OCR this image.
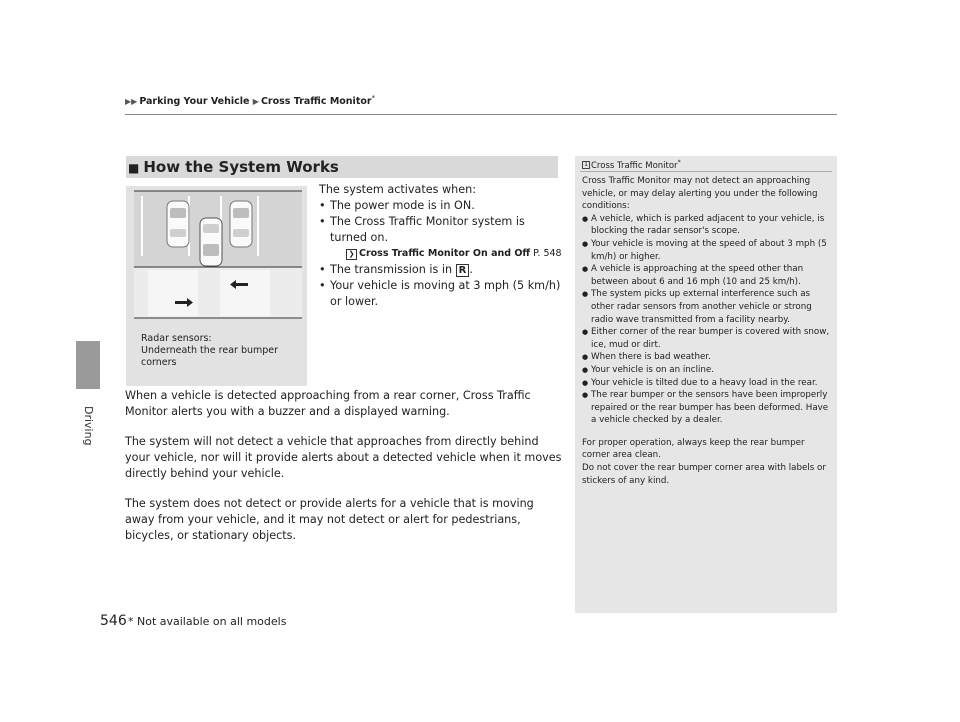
▶▶ Parking Your Vehicle ▶ Cross Traffic Monitor*
Driving
■ How the System Works
Radar sensors:
Underneath the rear bumper
corners
The system activates when:
• The power mode is in ON.
• The Cross Traffic Monitor system is turned on.
❯ Cross Traffic Monitor On and Off P. 548
• The transmission is in R .
• Your vehicle is moving at 3 mph (5 km/h) or lower.
When a vehicle is detected approaching from a rear corner, Cross Traffic Monitor alerts you with a buzzer and a displayed warning.
The system will not detect a vehicle that approaches from directly behind your vehicle, nor will it provide alerts about a detected vehicle when it moves directly behind your vehicle.
The system does not detect or provide alerts for a vehicle that is moving away from your vehicle, and it may not detect or alert for pedestrians, bicycles, or stationary objects.
1 Cross Traffic Monitor*

Cross Traffic Monitor may not detect an approaching vehicle, or may delay alerting you under the following conditions:

● A vehicle, which is parked adjacent to your vehicle, is blocking the radar sensor's scope.
● Your vehicle is moving at the speed of about 3 mph (5 km/h) or higher.
● A vehicle is approaching at the speed other than between about 6 and 16 mph (10 and 25 km/h).
● The system picks up external interference such as other radar sensors from another vehicle or strong radio wave transmitted from a facility nearby.
● Either corner of the rear bumper is covered with snow, ice, mud or dirt.
● When there is bad weather.
● Your vehicle is on an incline.
● Your vehicle is tilted due to a heavy load in the rear.
● The rear bumper or the sensors have been improperly repaired or the rear bumper has been deformed. Have a vehicle checked by a dealer.

For proper operation, always keep the rear bumper corner area clean.

Do not cover the rear bumper corner area with labels or stickers of any kind.

546 * Not available on all models
